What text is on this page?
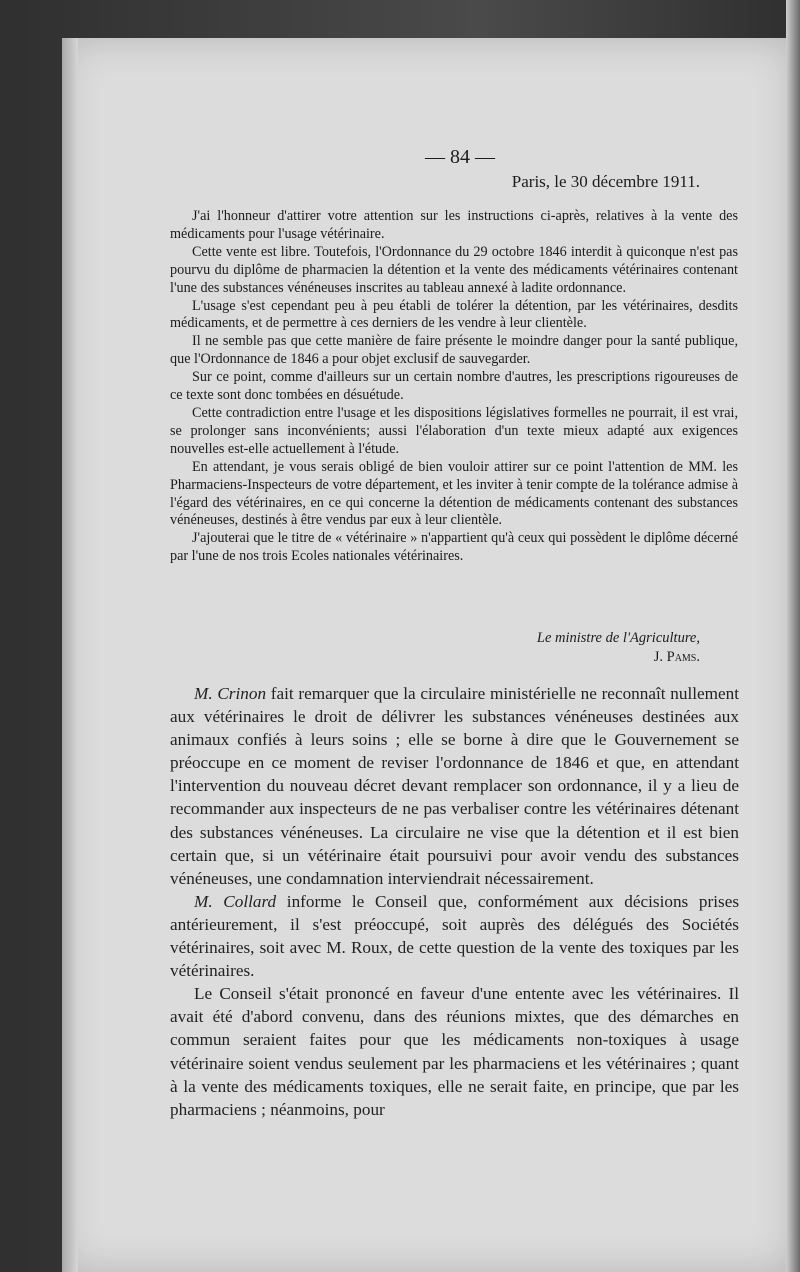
— 84 —
Paris, le 30 décembre 1911.

J'ai l'honneur d'attirer votre attention sur les instructions ci-après, relatives à la vente des médicaments pour l'usage vétérinaire.

Cette vente est libre. Toutefois, l'Ordonnance du 29 octobre 1846 interdit à quiconque n'est pas pourvu du diplôme de pharmacien la détention et la vente des médicaments vétérinaires contenant l'une des substances vénéneuses inscrites au tableau annexé à ladite ordonnance.

L'usage s'est cependant peu à peu établi de tolérer la détention, par les vétérinaires, desdits médicaments, et de permettre à ces derniers de les vendre à leur clientèle.

Il ne semble pas que cette manière de faire présente le moindre danger pour la santé publique, que l'Ordonnance de 1846 a pour objet exclusif de sauvegarder.

Sur ce point, comme d'ailleurs sur un certain nombre d'autres, les prescriptions rigoureuses de ce texte sont donc tombées en désuétude.

Cette contradiction entre l'usage et les dispositions législatives formelles ne pourrait, il est vrai, se prolonger sans inconvénients; aussi l'élaboration d'un texte mieux adapté aux exigences nouvelles est-elle actuellement à l'étude.

En attendant, je vous serais obligé de bien vouloir attirer sur ce point l'attention de MM. les Pharmaciens-Inspecteurs de votre département, et les inviter à tenir compte de la tolérance admise à l'égard des vétérinaires, en ce qui concerne la détention de médicaments contenant des substances vénéneuses, destinés à être vendus par eux à leur clientèle.

J'ajouterai que le titre de « vétérinaire » n'appartient qu'à ceux qui possèdent le diplôme décerné par l'une de nos trois Ecoles nationales vétérinaires.

Le ministre de l'Agriculture,
J. Pams.

M. Crinon fait remarquer que la circulaire ministérielle ne reconnaît nullement aux vétérinaires le droit de délivrer les substances vénéneuses destinées aux animaux confiés à leurs soins ; elle se borne à dire que le Gouvernement se préoccupe en ce moment de reviser l'ordonnance de 1846 et que, en attendant l'intervention du nouveau décret devant remplacer son ordonnance, il y a lieu de recommander aux inspecteurs de ne pas verbaliser contre les vétérinaires détenant des substances vénéneuses. La circulaire ne vise que la détention et il est bien certain que, si un vétérinaire était poursuivi pour avoir vendu des substances vénéneuses, une condamnation interviendrait nécessairement.

M. Collard informe le Conseil que, conformément aux décisions prises antérieurement, il s'est préoccupé, soit auprès des délégués des Sociétés vétérinaires, soit avec M. Roux, de cette question de la vente des toxiques par les vétérinaires.

Le Conseil s'était prononcé en faveur d'une entente avec les vétérinaires. Il avait été d'abord convenu, dans des réunions mixtes, que des démarches en commun seraient faites pour que les médicaments non-toxiques à usage vétérinaire soient vendus seulement par les pharmaciens et les vétérinaires ; quant à la vente des médicaments toxiques, elle ne serait faite, en principe, que par les pharmaciens ; néanmoins, pour
